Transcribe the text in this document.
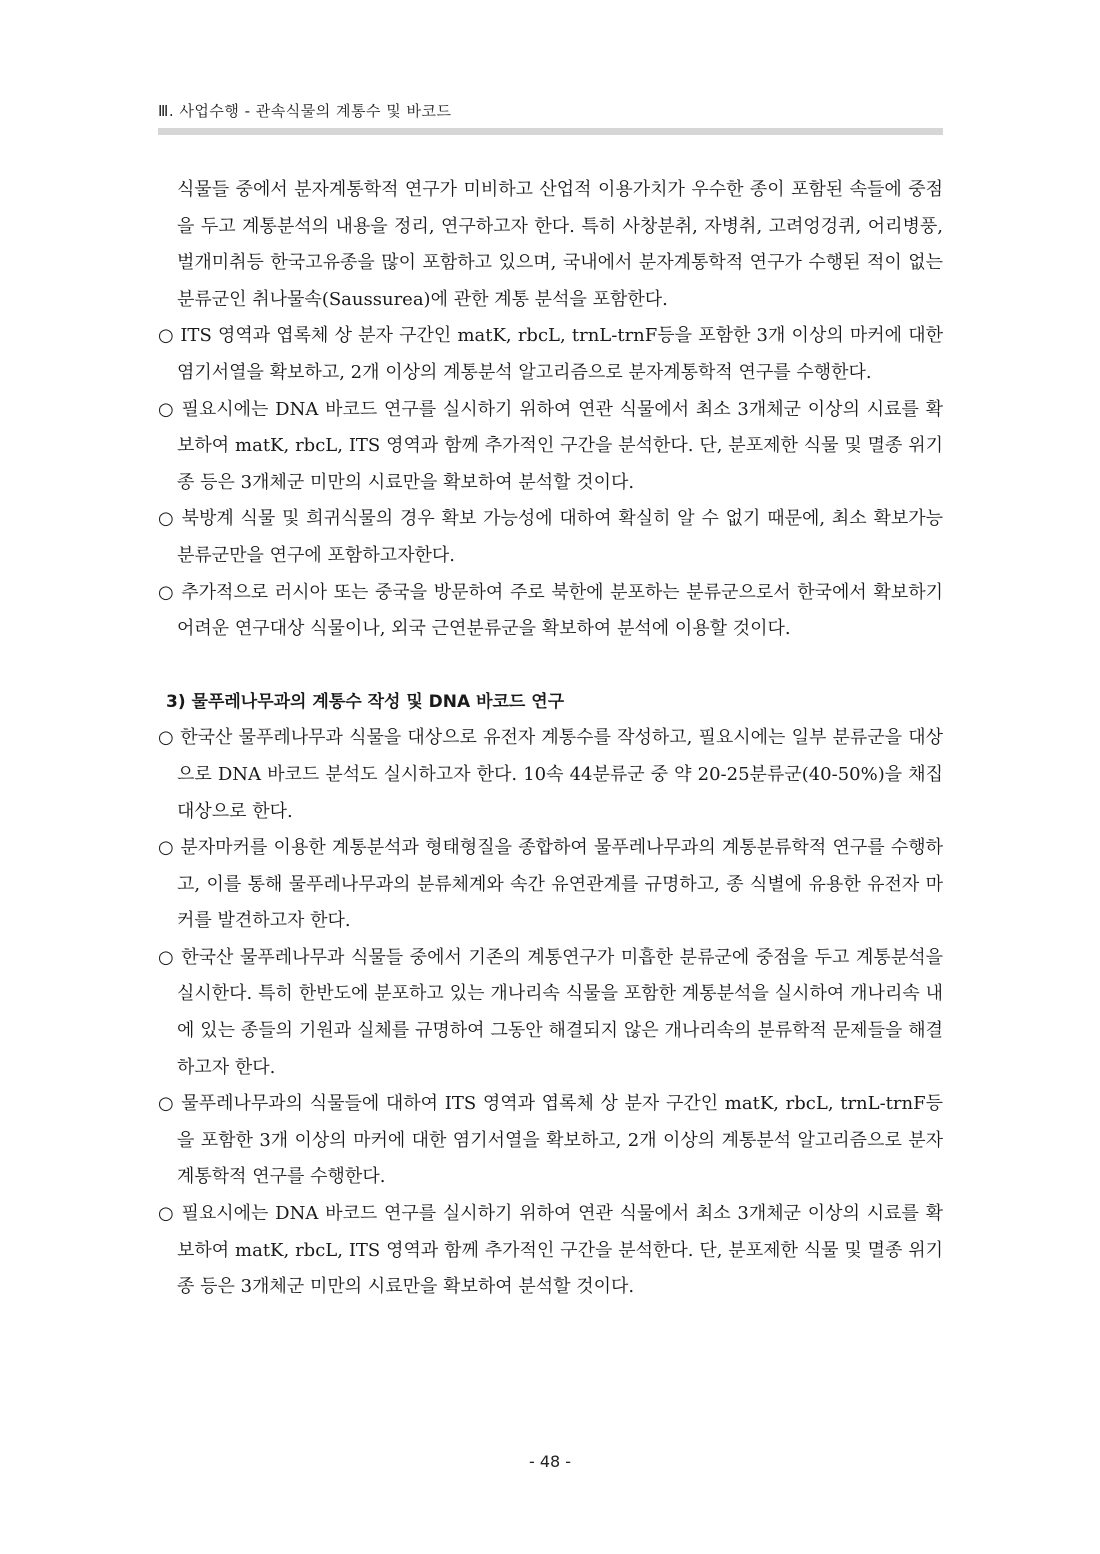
Ⅲ. 사업수행 - 관속식물의 계통수 및 바코드

식물들 중에서 분자계통학적 연구가 미비하고 산업적 이용가치가 우수한 종이 포함된 속들에 중점을 두고 계통분석의 내용을 정리, 연구하고자 한다. 특히 사창분취, 자병취, 고려엉겅퀴, 어리병풍, 벌개미취등 한국고유종을 많이 포함하고 있으며, 국내에서 분자계통학적 연구가 수행된 적이 없는 분류군인 취나물속(Saussurea)에 관한 계통 분석을 포함한다.

○ ITS 영역과 엽록체 상 분자 구간인 matK, rbcL, trnL-trnF등을 포함한 3개 이상의 마커에 대한 염기서열을 확보하고, 2개 이상의 계통분석 알고리즘으로 분자계통학적 연구를 수행한다.

○ 필요시에는 DNA 바코드 연구를 실시하기 위하여 연관 식물에서 최소 3개체군 이상의 시료를 확보하여 matK, rbcL, ITS 영역과 함께 추가적인 구간을 분석한다. 단, 분포제한 식물 및 멸종 위기종 등은 3개체군 미만의 시료만을 확보하여 분석할 것이다.

○ 북방계 식물 및 희귀식물의 경우 확보 가능성에 대하여 확실히 알 수 없기 때문에, 최소 확보가능 분류군만을 연구에 포함하고자한다.

○ 추가적으로 러시아 또는 중국을 방문하여 주로 북한에 분포하는 분류군으로서 한국에서 확보하기 어려운 연구대상 식물이나, 외국 근연분류군을 확보하여 분석에 이용할 것이다.

3) 물푸레나무과의 계통수 작성 및 DNA 바코드 연구

○ 한국산 물푸레나무과 식물을 대상으로 유전자 계통수를 작성하고, 필요시에는 일부 분류군을 대상으로 DNA 바코드 분석도 실시하고자 한다. 10속 44분류군 중 약 20-25분류군(40-50%)을 채집대상으로 한다.

○ 분자마커를 이용한 계통분석과 형태형질을 종합하여 물푸레나무과의 계통분류학적 연구를 수행하고, 이를 통해 물푸레나무과의 분류체계와 속간 유연관계를 규명하고, 종 식별에 유용한 유전자 마커를 발견하고자 한다.

○ 한국산 물푸레나무과 식물들 중에서 기존의 계통연구가 미흡한 분류군에 중점을 두고 계통분석을 실시한다. 특히 한반도에 분포하고 있는 개나리속 식물을 포함한 계통분석을 실시하여 개나리속 내에 있는 종들의 기원과 실체를 규명하여 그동안 해결되지 않은 개나리속의 분류학적 문제들을 해결하고자 한다.

○ 물푸레나무과의 식물들에 대하여 ITS 영역과 엽록체 상 분자 구간인 matK, rbcL, trnL-trnF등을 포함한 3개 이상의 마커에 대한 염기서열을 확보하고, 2개 이상의 계통분석 알고리즘으로 분자계통학적 연구를 수행한다.

○ 필요시에는 DNA 바코드 연구를 실시하기 위하여 연관 식물에서 최소 3개체군 이상의 시료를 확보하여 matK, rbcL, ITS 영역과 함께 추가적인 구간을 분석한다. 단, 분포제한 식물 및 멸종 위기종 등은 3개체군 미만의 시료만을 확보하여 분석할 것이다.

- 48 -
